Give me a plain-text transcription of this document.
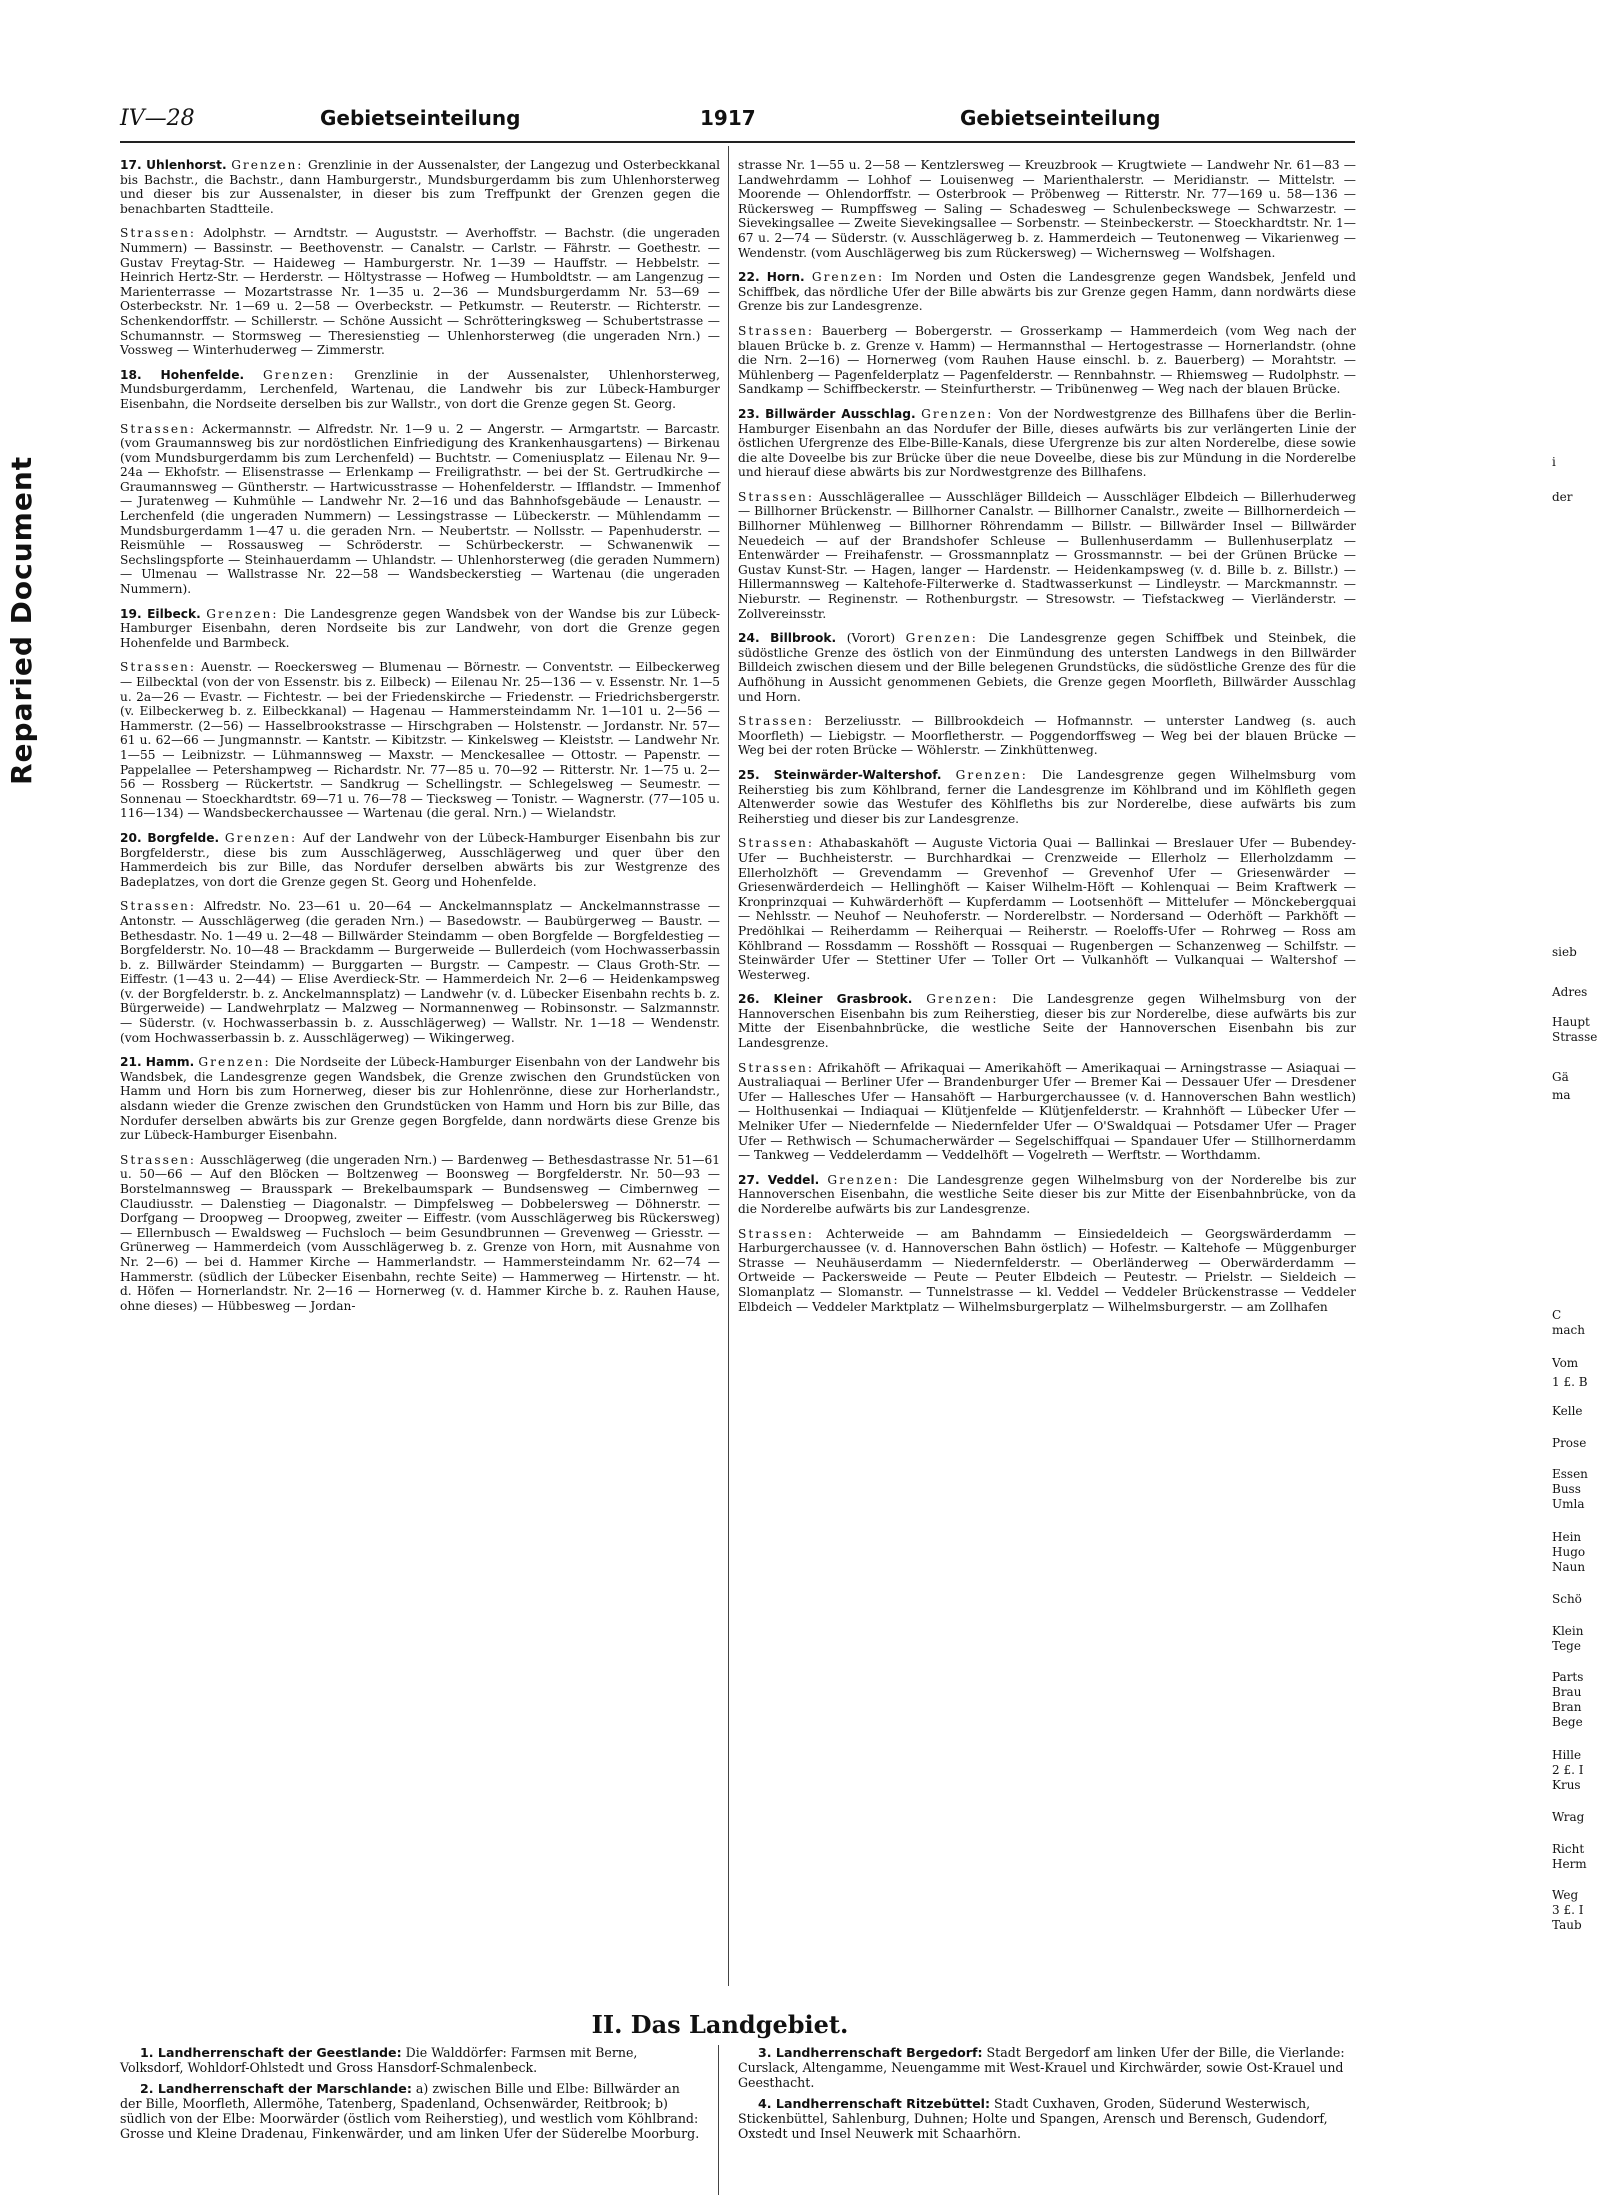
Reparied Document
IV—28	Gebietseinteilung	1917	Gebietseinteilung

17. Uhlenhorst. Grenzen: Grenzlinie in der Aussenalster, der Langezug und Osterbeckkanal bis Bachstr., die Bachstr., dann Hamburgerstr., Mundsburgerdamm bis zum Uhlenhorsterweg und dieser bis zur Aussenalster, in dieser bis zum Treffpunkt der Grenzen gegen die benachbarten Stadtteile.

Strassen: Adolphstr. — Arndtstr. — Auguststr. — Averhoffstr. — Bachstr. (die ungeraden Nummern) — Bassinstr. — Beethovenstr. — Canalstr. — Carlstr. — Fährstr. — Goethestr. — Gustav Freytag-Str. — Haideweg — Hamburgerstr. Nr. 1—39 — Hauffstr. — Hebbelstr. — Heinrich Hertz-Str. — Herderstr. — Höltystrasse — Hofweg — Humboldtstr. — am Langenzug — Marienterrasse — Mozartstrasse Nr. 1—35 u. 2—36 — Mundsburgerdamm Nr. 53—69 — Osterbeckstr. Nr. 1—69 u. 2—58 — Overbeckstr. — Petkumstr. — Reuterstr. — Richterstr. — Schenkendorffstr. — Schillerstr. — Schöne Aussicht — Schrötteringksweg — Schubertstrasse — Schumannstr. — Stormsweg — Theresienstieg — Uhlenhorsterweg (die ungeraden Nrn.) — Vossweg — Winterhuderweg — Zimmerstr.

18. Hohenfelde. Grenzen: Grenzlinie in der Aussenalster, Uhlenhorsterweg, Mundsburgerdamm, Lerchenfeld, Wartenau, die Landwehr bis zur Lübeck-Hamburger Eisenbahn, die Nordseite derselben bis zur Wallstr., von dort die Grenze gegen St. Georg.

Strassen: Ackermannstr. — Alfredstr. Nr. 1—9 u. 2 — Angerstr. — Armgartstr. — Barcastr. (vom Graumannsweg bis zur nordöstlichen Einfriedigung des Krankenhausgartens) — Birkenau (vom Mundsburgerdamm bis zum Lerchenfeld) — Buchtstr. — Comeniusplatz — Eilenau Nr. 9—24a — Ekhofstr. — Elisenstrasse — Erlenkamp — Freiligrathstr. — bei der St. Gertrudkirche — Graumannsweg — Güntherstr. — Hartwicusstrasse — Hohenfelderstr. — Ifflandstr. — Immenhof — Juratenweg — Kuhmühle — Landwehr Nr. 2—16 und das Bahnhofsgebäude — Lenaustr. — Lerchenfeld (die ungeraden Nummern) — Lessingstrasse — Lübeckerstr. — Mühlendamm — Mundsburgerdamm 1—47 u. die geraden Nrn. — Neubertstr. — Nollsstr. — Papenhuderstr. — Reismühle — Rossausweg — Schröderstr. — Schürbeckerstr. — Schwanenwik — Sechslingspforte — Steinhauerdamm — Uhlandstr. — Uhlenhorsterweg (die geraden Nummern) — Ulmenau — Wallstrasse Nr. 22—58 — Wandsbeckerstieg — Wartenau (die ungeraden Nummern).

19. Eilbeck. Grenzen: Die Landesgrenze gegen Wandsbek von der Wandse bis zur Lübeck-Hamburger Eisenbahn, deren Nordseite bis zur Landwehr, von dort die Grenze gegen Hohenfelde und Barmbeck.

Strassen: Auenstr. — Roeckersweg — Blumenau — Börnestr. — Conventstr. — Eilbeckerweg — Eilbecktal (von der von Essenstr. bis z. Eilbeck) — Eilenau Nr. 25—136 — v. Essenstr. Nr. 1—5 u. 2a—26 — Evastr. — Fichtestr. — bei der Friedenskirche — Friedenstr. — Friedrichsbergerstr. (v. Eilbeckerweg b. z. Eilbeckkanal) — Hagenau — Hammersteindamm Nr. 1—101 u. 2—56 — Hammerstr. (2—56) — Hasselbrookstrasse — Hirschgraben — Holstenstr. — Jordanstr. Nr. 57—61 u. 62—66 — Jungmannstr. — Kantstr. — Kibitzstr. — Kinkelsweg — Kleiststr. — Landwehr Nr. 1—55 — Leibnizstr. — Lühmannsweg — Maxstr. — Menckesallee — Ottostr. — Papenstr. — Pappelallee — Petershampweg — Richardstr. Nr. 77—85 u. 70—92 — Ritterstr. Nr. 1—75 u. 2—56 — Rossberg — Rückertstr. — Sandkrug — Schellingstr. — Schlegelsweg — Seumestr. — Sonnenau — Stoeckhardtstr. 69—71 u. 76—78 — Tiecksweg — Tonistr. — Wagnerstr. (77—105 u. 116—134) — Wandsbeckerchaussee — Wartenau (die geral. Nrn.) — Wielandstr.

20. Borgfelde. Grenzen: Auf der Landwehr von der Lübeck-Hamburger Eisenbahn bis zur Borgfelderstr., diese bis zum Ausschlägerweg, Ausschlägerweg und quer über den Hammerdeich bis zur Bille, das Nordufer derselben abwärts bis zur Westgrenze des Badeplatzes, von dort die Grenze gegen St. Georg und Hohenfelde.

Strassen: Alfredstr. No. 23—61 u. 20—64 — Anckelmannsplatz — Anckelmannstrasse — Antonstr. — Ausschlägerweg (die geraden Nrn.) — Basedowstr. — Baubürgerweg — Baustr. — Bethesdastr. No. 1—49 u. 2—48 — Billwärder Steindamm — oben Borgfelde — Borgfeldestieg — Borgfelderstr. No. 10—48 — Brackdamm — Burgerweide — Bullerdeich (vom Hochwasserbassin b. z. Billwärder Steindamm) — Burggarten — Burgstr. — Campestr. — Claus Groth-Str. — Eiffestr. (1—43 u. 2—44) — Elise Averdieck-Str. — Hammerdeich Nr. 2—6 — Heidenkampsweg (v. der Borgfelderstr. b. z. Anckelmannsplatz) — Landwehr (v. d. Lübecker Eisenbahn rechts b. z. Bürgerweide) — Landwehrplatz — Malzweg — Normannenweg — Robinsonstr. — Salzmannstr. — Süderstr. (v. Hochwasserbassin b. z. Ausschlägerweg) — Wallstr. Nr. 1—18 — Wendenstr. (vom Hochwasserbassin b. z. Ausschlägerweg) — Wikingerweg.

21. Hamm. Grenzen: Die Nordseite der Lübeck-Hamburger Eisenbahn von der Landwehr bis Wandsbek, die Landesgrenze gegen Wandsbek, die Grenze zwischen den Grundstücken von Hamm und Horn bis zum Hornerweg, dieser bis zur Hohlenrönne, diese zur Horherlandstr., alsdann wieder die Grenze zwischen den Grundstücken von Hamm und Horn bis zur Bille, das Nordufer derselben abwärts bis zur Grenze gegen Borgfelde, dann nordwärts diese Grenze bis zur Lübeck-Hamburger Eisenbahn.

Strassen: Ausschlägerweg (die ungeraden Nrn.) — Bardenweg — Bethesdastrasse Nr. 51—61 u. 50—66 — Auf den Blöcken — Boltzenweg — Boonsweg — Borgfelderstr. Nr. 50—93 — Borstelmannsweg — Brausspark — Brekelbaumspark — Bundsensweg — Cimbernweg — Claudiusstr. — Dalenstieg — Diagonalstr. — Dimpfelsweg — Dobbelersweg — Döhnerstr. — Dorfgang — Droopweg — Droopweg, zweiter — Eiffestr. (vom Ausschlägerweg bis Rückersweg) — Ellernbusch — Ewaldsweg — Fuchsloch — beim Gesundbrunnen — Grevenweg — Griesstr. — Grünerweg — Hammerdeich (vom Ausschlägerweg b. z. Grenze von Horn, mit Ausnahme von Nr. 2—6) — bei d. Hammer Kirche — Hammerlandstr. — Hammersteindamm Nr. 62—74 — Hammerstr. (südlich der Lübecker Eisenbahn, rechte Seite) — Hammerweg — Hirtenstr. — ht. d. Höfen — Hornerlandstr. Nr. 2—16 — Hornerweg (v. d. Hammer Kirche b. z. Rauhen Hause, ohne dieses) — Hübbesweg — Jordan-

strasse Nr. 1—55 u. 2—58 — Kentzlersweg — Kreuzbrook — Krugtwiete — Landwehr Nr. 61—83 — Landwehrdamm — Lohhof — Louisenweg — Marienthalerstr. — Meridianstr. — Mittelstr. — Moorende — Ohlendorffstr. — Osterbrook — Pröbenweg — Ritterstr. Nr. 77—169 u. 58—136 — Rückersweg — Rumpffsweg — Saling — Schadesweg — Schulenbeckswege — Schwarzestr. — Sievekingsallee — Zweite Sievekingsallee — Sorbenstr. — Steinbeckerstr. — Stoeckhardtstr. Nr. 1—67 u. 2—74 — Süderstr. (v. Ausschlägerweg b. z. Hammerdeich — Teutonenweg — Vikarienweg — Wendenstr. (vom Auschlägerweg bis zum Rückersweg) — Wichernsweg — Wolfshagen.

22. Horn. Grenzen: Im Norden und Osten die Landesgrenze gegen Wandsbek, Jenfeld und Schiffbek, das nördliche Ufer der Bille abwärts bis zur Grenze gegen Hamm, dann nordwärts diese Grenze bis zur Landesgrenze.

Strassen: Bauerberg — Bobergerstr. — Grosserkamp — Hammerdeich (vom Weg nach der blauen Brücke b. z. Grenze v. Hamm) — Hermannsthal — Hertogestrasse — Hornerlandstr. (ohne die Nrn. 2—16) — Hornerweg (vom Rauhen Hause einschl. b. z. Bauerberg) — Morahtstr. — Mühlenberg — Pagenfelderplatz — Pagenfelderstr. — Rennbahnstr. — Rhiemsweg — Rudolphstr. — Sandkamp — Schiffbeckerstr. — Steinfurtherstr. — Tribünenweg — Weg nach der blauen Brücke.

23. Billwärder Ausschlag. Grenzen: Von der Nordwestgrenze des Billhafens über die Berlin-Hamburger Eisenbahn an das Nordufer der Bille, dieses aufwärts bis zur verlängerten Linie der östlichen Ufergrenze des Elbe-Bille-Kanals, diese Ufergrenze bis zur alten Norderelbe, diese sowie die alte Doveelbe bis zur Brücke über die neue Doveelbe, diese bis zur Mündung in die Norderelbe und hierauf diese abwärts bis zur Nordwestgrenze des Billhafens.

Strassen: Ausschlägerallee — Ausschläger Billdeich — Ausschläger Elbdeich — Billerhuderweg — Billhorner Brückenstr. — Billhorner Canalstr. — Billhorner Canalstr., zweite — Billhornerdeich — Billhorner Mühlenweg — Billhorner Röhrendamm — Billstr. — Billwärder Insel — Billwärder Neuedeich — auf der Brandshofer Schleuse — Bullenhuserdamm — Bullenhuserplatz — Entenwärder — Freihafenstr. — Grossmannplatz — Grossmannstr. — bei der Grünen Brücke — Gustav Kunst-Str. — Hagen, langer — Hardenstr. — Heidenkampsweg (v. d. Bille b. z. Billstr.) — Hillermannsweg — Kaltehofe-Filterwerke d. Stadtwasserkunst — Lindleystr. — Marckmannstr. — Nieburstr. — Reginenstr. — Rothenburgstr. — Stresowstr. — Tiefstackweg — Vierländerstr. — Zollvereinsstr.

24. Billbrook. (Vorort) Grenzen: Die Landesgrenze gegen Schiffbek und Steinbek, die südöstliche Grenze des östlich von der Einmündung des untersten Landwegs in den Billwärder Billdeich zwischen diesem und der Bille belegenen Grundstücks, die südöstliche Grenze des für die Aufhöhung in Aussicht genommenen Gebiets, die Grenze gegen Moorfleth, Billwärder Ausschlag und Horn.

Strassen: Berzeliusstr. — Billbrookdeich — Hofmannstr. — unterster Landweg (s. auch Moorfleth) — Liebigstr. — Moorfletherstr. — Poggendorffsweg — Weg bei der blauen Brücke — Weg bei der roten Brücke — Wöhlerstr. — Zinkhüttenweg.

25. Steinwärder-Waltershof. Grenzen: Die Landesgrenze gegen Wilhelmsburg vom Reiherstieg bis zum Köhlbrand, ferner die Landesgrenze im Köhlbrand und im Köhlfleth gegen Altenwerder sowie das Westufer des Köhlfleths bis zur Norderelbe, diese aufwärts bis zum Reiherstieg und dieser bis zur Landesgrenze.

Strassen: Athabaskahöft — Auguste Victoria Quai — Ballinkai — Breslauer Ufer — Bubendey-Ufer — Buchheisterstr. — Burchhardkai — Crenzweide — Ellerholz — Ellerholzdamm — Ellerholzhöft — Grevendamm — Grevenhof — Grevenhof Ufer — Griesenwärder — Griesenwärderdeich — Hellinghöft — Kaiser Wilhelm-Höft — Kohlenquai — Beim Kraftwerk — Kronprinzquai — Kuhwärderhöft — Kupferdamm — Lootsenhöft — Mittelufer — Mönckebergquai — Nehlsstr. — Neuhof — Neuhoferstr. — Norderelbstr. — Nordersand — Oderhöft — Parkhöft — Predöhlkai — Reiherdamm — Reiherquai — Reiherstr. — Roeloffs-Ufer — Rohrweg — Ross am Köhlbrand — Rossdamm — Rosshöft — Rossquai — Rugenbergen — Schanzenweg — Schilfstr. — Steinwärder Ufer — Stettiner Ufer — Toller Ort — Vulkanhöft — Vulkanquai — Waltershof — Westerweg.

26. Kleiner Grasbrook. Grenzen: Die Landesgrenze gegen Wilhelmsburg von der Hannoverschen Eisenbahn bis zum Reiherstieg, dieser bis zur Norderelbe, diese aufwärts bis zur Mitte der Eisenbahnbrücke, die westliche Seite der Hannoverschen Eisenbahn bis zur Landesgrenze.

Strassen: Afrikahöft — Afrikaquai — Amerikahöft — Amerikaquai — Arningstrasse — Asiaquai — Australiaquai — Berliner Ufer — Brandenburger Ufer — Bremer Kai — Dessauer Ufer — Dresdener Ufer — Hallesches Ufer — Hansahöft — Harburgerchaussee (v. d. Hannoverschen Bahn westlich) — Holthusenkai — Indiaquai — Klütjenfelde — Klütjenfelderstr. — Krahnhöft — Lübecker Ufer — Melniker Ufer — Niedernfelde — Niedernfelder Ufer — O'Swaldquai — Potsdamer Ufer — Prager Ufer — Rethwisch — Schumacherwärder — Segelschiffquai — Spandauer Ufer — Stillhornerdamm — Tankweg — Veddelerdamm — Veddelhöft — Vogelreth — Werftstr. — Worthdamm.

27. Veddel. Grenzen: Die Landesgrenze gegen Wilhelmsburg von der Norderelbe bis zur Hannoverschen Eisenbahn, die westliche Seite dieser bis zur Mitte der Eisenbahnbrücke, von da die Norderelbe aufwärts bis zur Landesgrenze.

Strassen: Achterweide — am Bahndamm — Einsiedeldeich — Georgswärderdamm — Harburgerchaussee (v. d. Hannoverschen Bahn östlich) — Hofestr. — Kaltehofe — Müggenburger Strasse — Neuhäuserdamm — Niedernfelderstr. — Oberländerweg — Oberwärderdamm — Ortweide — Packersweide — Peute — Peuter Elbdeich — Peutestr. — Prielstr. — Sieldeich — Slomanplatz — Slomanstr. — Tunnelstrasse — kl. Veddel — Veddeler Brückenstrasse — Veddeler Elbdeich — Veddeler Marktplatz — Wilhelmsburgerplatz — Wilhelmsburgerstr. — am Zollhafen

II. Das Landgebiet.

1. Landherrenschaft der Geestlande: Die Walddörfer: Farmsen mit Berne, Volksdorf, Wohldorf-Ohlstedt und Gross Hansdorf-Schmalenbeck.

2. Landherrenschaft der Marschlande: a) zwischen Bille und Elbe: Billwärder an der Bille, Moorfleth, Allermöhe, Tatenberg, Spadenland, Ochsenwärder, Reitbrook; b) südlich von der Elbe: Moorwärder (östlich vom Reiherstieg), und westlich vom Köhlbrand: Grosse und Kleine Dradenau, Finkenwärder, und am linken Ufer der Süderelbe Moorburg.

3. Landherrenschaft Bergedorf: Stadt Bergedorf am linken Ufer der Bille, die Vierlande: Curslack, Altengamme, Neuengamme mit West-Krauel und Kirchwärder, sowie Ost-Krauel und Geesthacht.

4. Landherrenschaft Ritzebüttel: Stadt Cuxhaven, Groden, Süderund Westerwisch, Stickenbüttel, Sahlenburg, Duhnen; Holte und Spangen, Arensch und Berensch, Gudendorf, Oxstedt und Insel Neuwerk mit Schaarhörn.

i
der
sieb
Adres
Haupt
Strasse
Gä
ma
C
mach
Vom
1 £. B
Kelle
Prose
Essen
Buss
Umla
Hein
Hugo
Naun
Schö
Klein
Tege
Parts
Brau
Bran
Bege
Hille
2 £. I
Krus
Wrag
Richt
Herm
Weg
3 £. I
Taub
